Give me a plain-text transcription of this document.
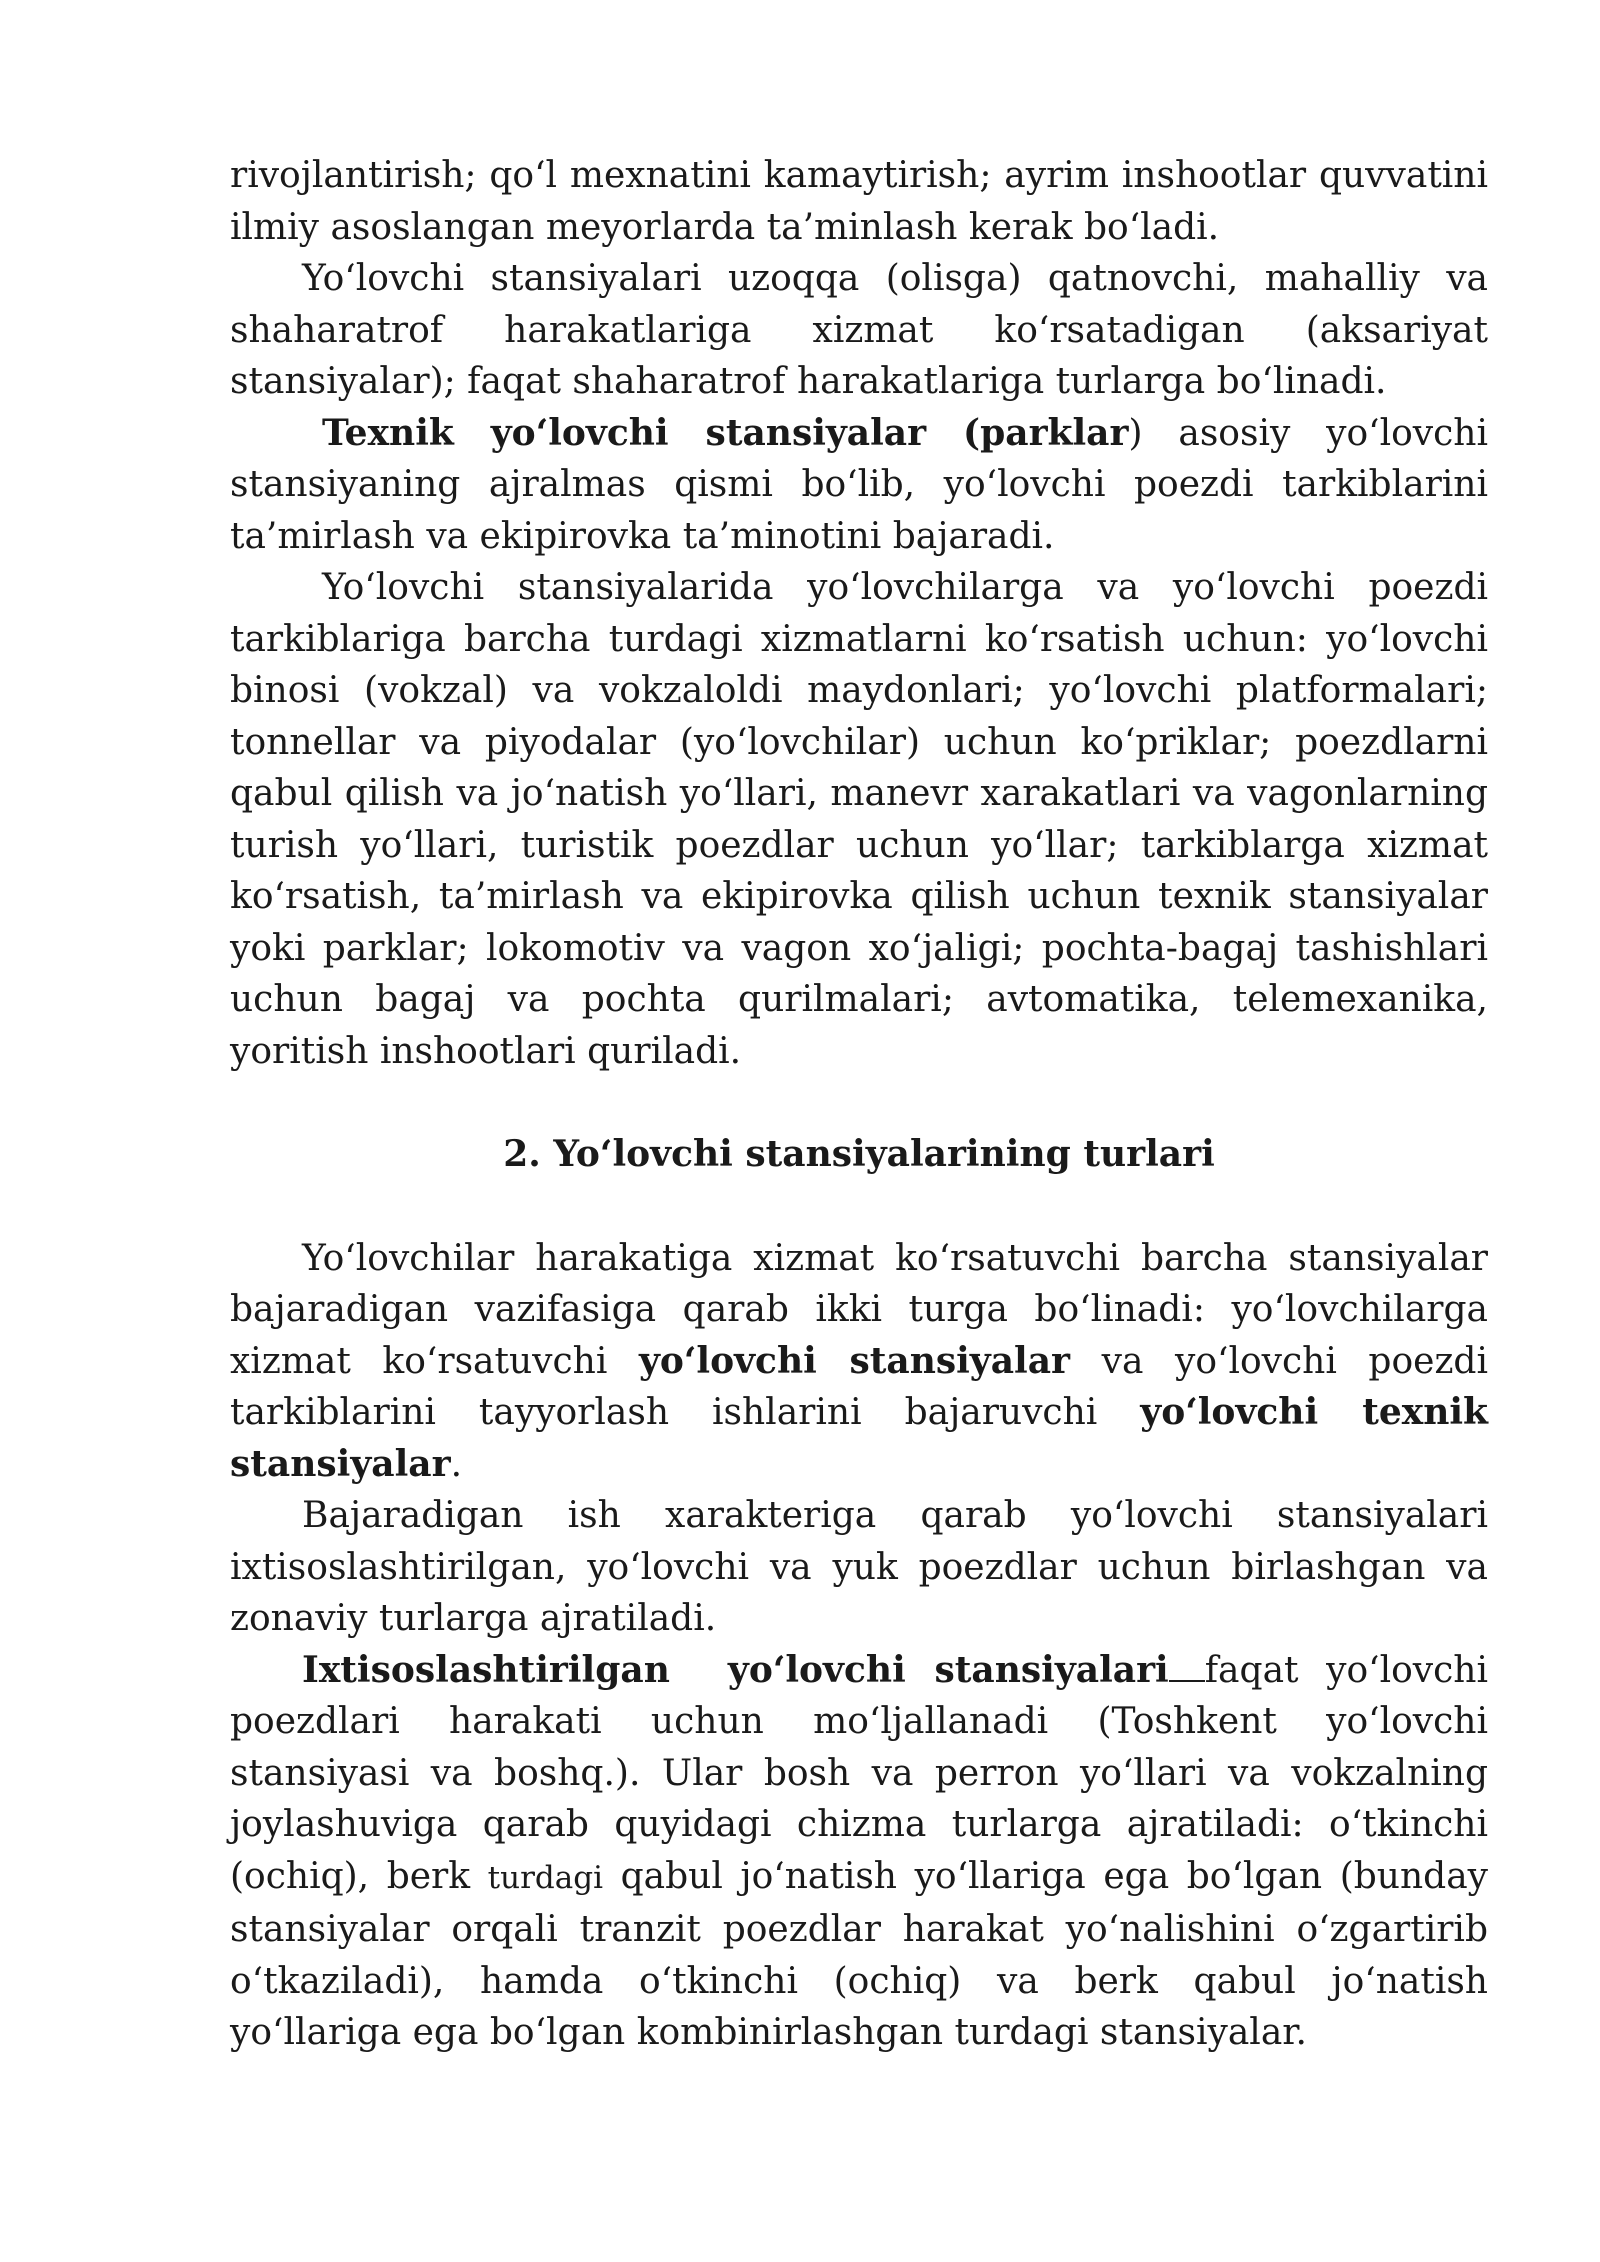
rivojlantirish; qoʻl mexnatini kamaytirish; ayrim inshootlar quvvatini ilmiy asoslangan meyorlarda ta’minlash kerak boʻladi.

Yoʻlovchi stansiyalari uzoqqa (olisga) qatnovchi, mahalliy va shaharatrof harakatlariga xizmat koʻrsatadigan (aksariyat stansiyalar); faqat shaharatrof harakatlariga turlarga boʻlinadi.

Texnik yoʻlovchi stansiyalar (parklar) asosiy yoʻlovchi stansiyaning ajralmas qismi boʻlib, yoʻlovchi poezdi tarkiblarini ta’mirlash va ekipirovka ta’minotini bajaradi.

Yoʻlovchi stansiyalarida yoʻlovchilarga va yoʻlovchi poezdi tarkiblariga barcha turdagi xizmatlarni koʻrsatish uchun: yoʻlovchi binosi (vokzal) va vokzaloldi maydonlari; yoʻlovchi platformalari; tonnellar va piyodalar (yoʻlovchilar) uchun koʻpriklar; poezdlarni qabul qilish va joʻnatish yoʻllari, manevr xarakatlari va vagonlarning turish yoʻllari, turistik poezdlar uchun yoʻllar; tarkiblarga xizmat koʻrsatish, ta’mirlash va ekipirovka qilish uchun texnik stansiyalar yoki parklar; lokomotiv va vagon xoʻjaligi; pochta-bagaj tashishlari uchun bagaj va pochta qurilmalari; avtomatika, telemexanika, yoritish inshootlari quriladi.

2. Yoʻlovchi stansiyalarining turlari

Yoʻlovchilar harakatiga xizmat koʻrsatuvchi barcha stansiyalar bajaradigan vazifasiga qarab ikki turga boʻlinadi: yoʻlovchilarga xizmat koʻrsatuvchi yoʻlovchi stansiyalar va yoʻlovchi poezdi tarkiblarini tayyorlash ishlarini bajaruvchi yoʻlovchi texnik stansiyalar.

Bajaradigan ish xarakteriga qarab yoʻlovchi stansiyalari ixtisoslashtirilgan, yoʻlovchi va yuk poezdlar uchun birlashgan va zonaviy turlarga ajratiladi.

Ixtisoslashtirilgan yoʻlovchi stansiyalari faqat yoʻlovchi poezdlari harakati uchun moʻljallanadi (Toshkent yoʻlovchi stansiyasi va boshq.). Ular bosh va perron yoʻllari va vokzalning joylashuviga qarab quyidagi chizma turlarga ajratiladi: oʻtkinchi (ochiq), berk turdagi qabul joʻnatish yoʻllariga ega boʻlgan (bunday stansiyalar orqali tranzit poezdlar harakat yoʻnalishini oʻzgartirib oʻtkaziladi), hamda oʻtkinchi (ochiq) va berk qabul joʻnatish yoʻllariga ega boʻlgan kombinirlashgan turdagi stansiyalar.
